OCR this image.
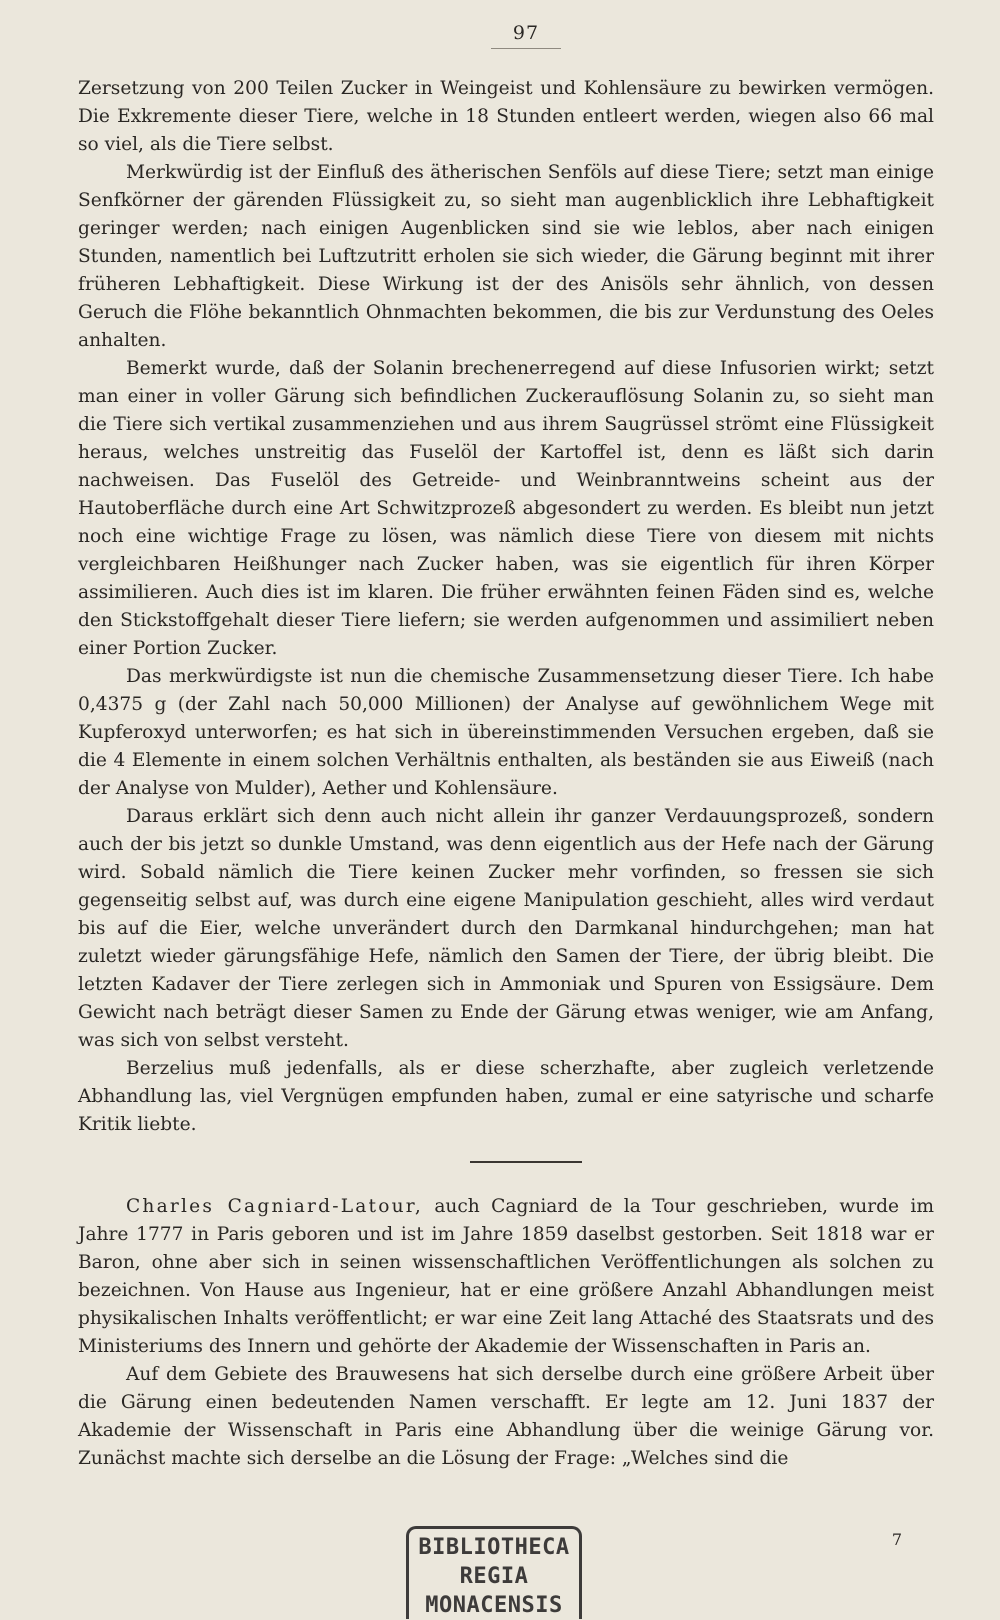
97

Zersetzung von 200 Teilen Zucker in Weingeist und Kohlensäure zu bewirken vermögen. Die Exkremente dieser Tiere, welche in 18 Stunden entleert werden, wiegen also 66 mal so viel, als die Tiere selbst.

Merkwürdig ist der Einfluß des ätherischen Senföls auf diese Tiere; setzt man einige Senfkörner der gärenden Flüssigkeit zu, so sieht man augenblicklich ihre Lebhaftigkeit geringer werden; nach einigen Augenblicken sind sie wie leblos, aber nach einigen Stunden, namentlich bei Luftzutritt erholen sie sich wieder, die Gärung beginnt mit ihrer früheren Lebhaftigkeit. Diese Wirkung ist der des Anisöls sehr ähnlich, von dessen Geruch die Flöhe bekanntlich Ohnmachten bekommen, die bis zur Verdunstung des Oeles anhalten.

Bemerkt wurde, daß der Solanin brechenerregend auf diese Infusorien wirkt; setzt man einer in voller Gärung sich befindlichen Zuckerauflösung Solanin zu, so sieht man die Tiere sich vertikal zusammenziehen und aus ihrem Saugrüssel strömt eine Flüssigkeit heraus, welches unstreitig das Fuselöl der Kartoffel ist, denn es läßt sich darin nachweisen. Das Fuselöl des Getreide- und Weinbranntweins scheint aus der Hautoberfläche durch eine Art Schwitzprozeß abgesondert zu werden. Es bleibt nun jetzt noch eine wichtige Frage zu lösen, was nämlich diese Tiere von diesem mit nichts vergleichbaren Heißhunger nach Zucker haben, was sie eigentlich für ihren Körper assimilieren. Auch dies ist im klaren. Die früher erwähnten feinen Fäden sind es, welche den Stickstoffgehalt dieser Tiere liefern; sie werden aufgenommen und assimiliert neben einer Portion Zucker.

Das merkwürdigste ist nun die chemische Zusammensetzung dieser Tiere. Ich habe 0,4375 g (der Zahl nach 50,000 Millionen) der Analyse auf gewöhnlichem Wege mit Kupferoxyd unterworfen; es hat sich in übereinstimmenden Versuchen ergeben, daß sie die 4 Elemente in einem solchen Verhältnis enthalten, als beständen sie aus Eiweiß (nach der Analyse von Mulder), Aether und Kohlensäure.

Daraus erklärt sich denn auch nicht allein ihr ganzer Verdauungsprozeß, sondern auch der bis jetzt so dunkle Umstand, was denn eigentlich aus der Hefe nach der Gärung wird. Sobald nämlich die Tiere keinen Zucker mehr vorfinden, so fressen sie sich gegenseitig selbst auf, was durch eine eigene Manipulation geschieht, alles wird verdaut bis auf die Eier, welche unverändert durch den Darmkanal hindurchgehen; man hat zuletzt wieder gärungsfähige Hefe, nämlich den Samen der Tiere, der übrig bleibt. Die letzten Kadaver der Tiere zerlegen sich in Ammoniak und Spuren von Essigsäure. Dem Gewicht nach beträgt dieser Samen zu Ende der Gärung etwas weniger, wie am Anfang, was sich von selbst versteht.

Berzelius muß jedenfalls, als er diese scherzhafte, aber zugleich verletzende Abhandlung las, viel Vergnügen empfunden haben, zumal er eine satyrische und scharfe Kritik liebte.

Charles Cagniard-Latour, auch Cagniard de la Tour geschrieben, wurde im Jahre 1777 in Paris geboren und ist im Jahre 1859 daselbst gestorben. Seit 1818 war er Baron, ohne aber sich in seinen wissenschaftlichen Veröffentlichungen als solchen zu bezeichnen. Von Hause aus Ingenieur, hat er eine größere Anzahl Abhandlungen meist physikalischen Inhalts veröffentlicht; er war eine Zeit lang Attaché des Staatsrats und des Ministeriums des Innern und gehörte der Akademie der Wissenschaften in Paris an.

Auf dem Gebiete des Brauwesens hat sich derselbe durch eine größere Arbeit über die Gärung einen bedeutenden Namen verschafft. Er legte am 12. Juni 1837 der Akademie der Wissenschaft in Paris eine Abhandlung über die weinige Gärung vor. Zunächst machte sich derselbe an die Lösung der Frage: „Welches sind die

BIBLIOTHECA
REGIA
MONACENSIS
7
